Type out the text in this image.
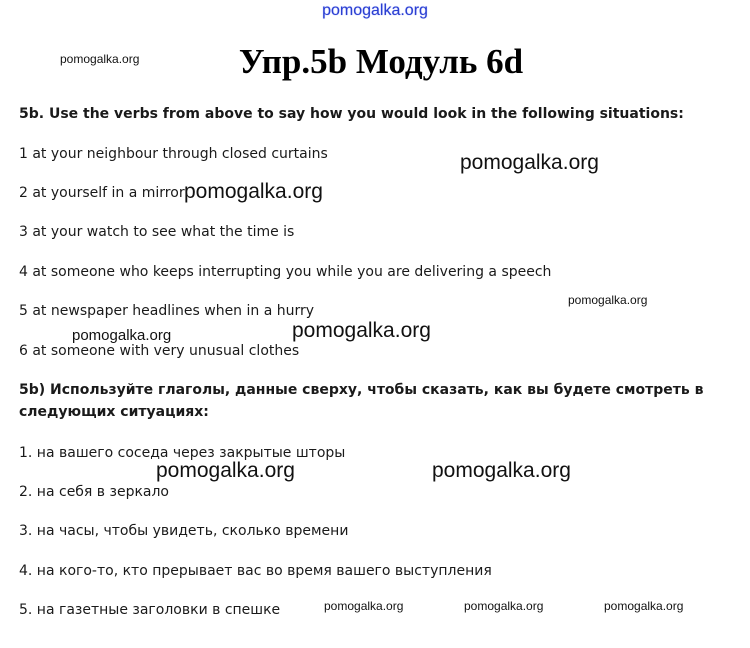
pomogalka.org
Упр.5b Модуль 6d
pomogalka.org
5b. Use the verbs from above to say how you would look in the following situations:
1 at your neighbour through closed curtains
2 at yourself in a mirror
3 at your watch to see what the time is
4 at someone who keeps interrupting you while you are delivering a speech
5 at newspaper headlines when in a hurry
6 at someone with very unusual clothes
pomogalka.org
pomogalka.org
pomogalka.org
pomogalka.org	pomogalka.org
5b) Используйте глаголы, данные сверху, чтобы сказать, как вы будете смотреть в следующих ситуациях:
1. на вашего соседа через закрытые шторы
2. на себя в зеркало
3. на часы, чтобы увидеть, сколько времени
4. на кого-то, кто прерывает вас во время вашего выступления
5. на газетные заголовки в спешке
pomogalka.org	pomogalka.org
pomogalka.org	pomogalka.org	pomogalka.org
